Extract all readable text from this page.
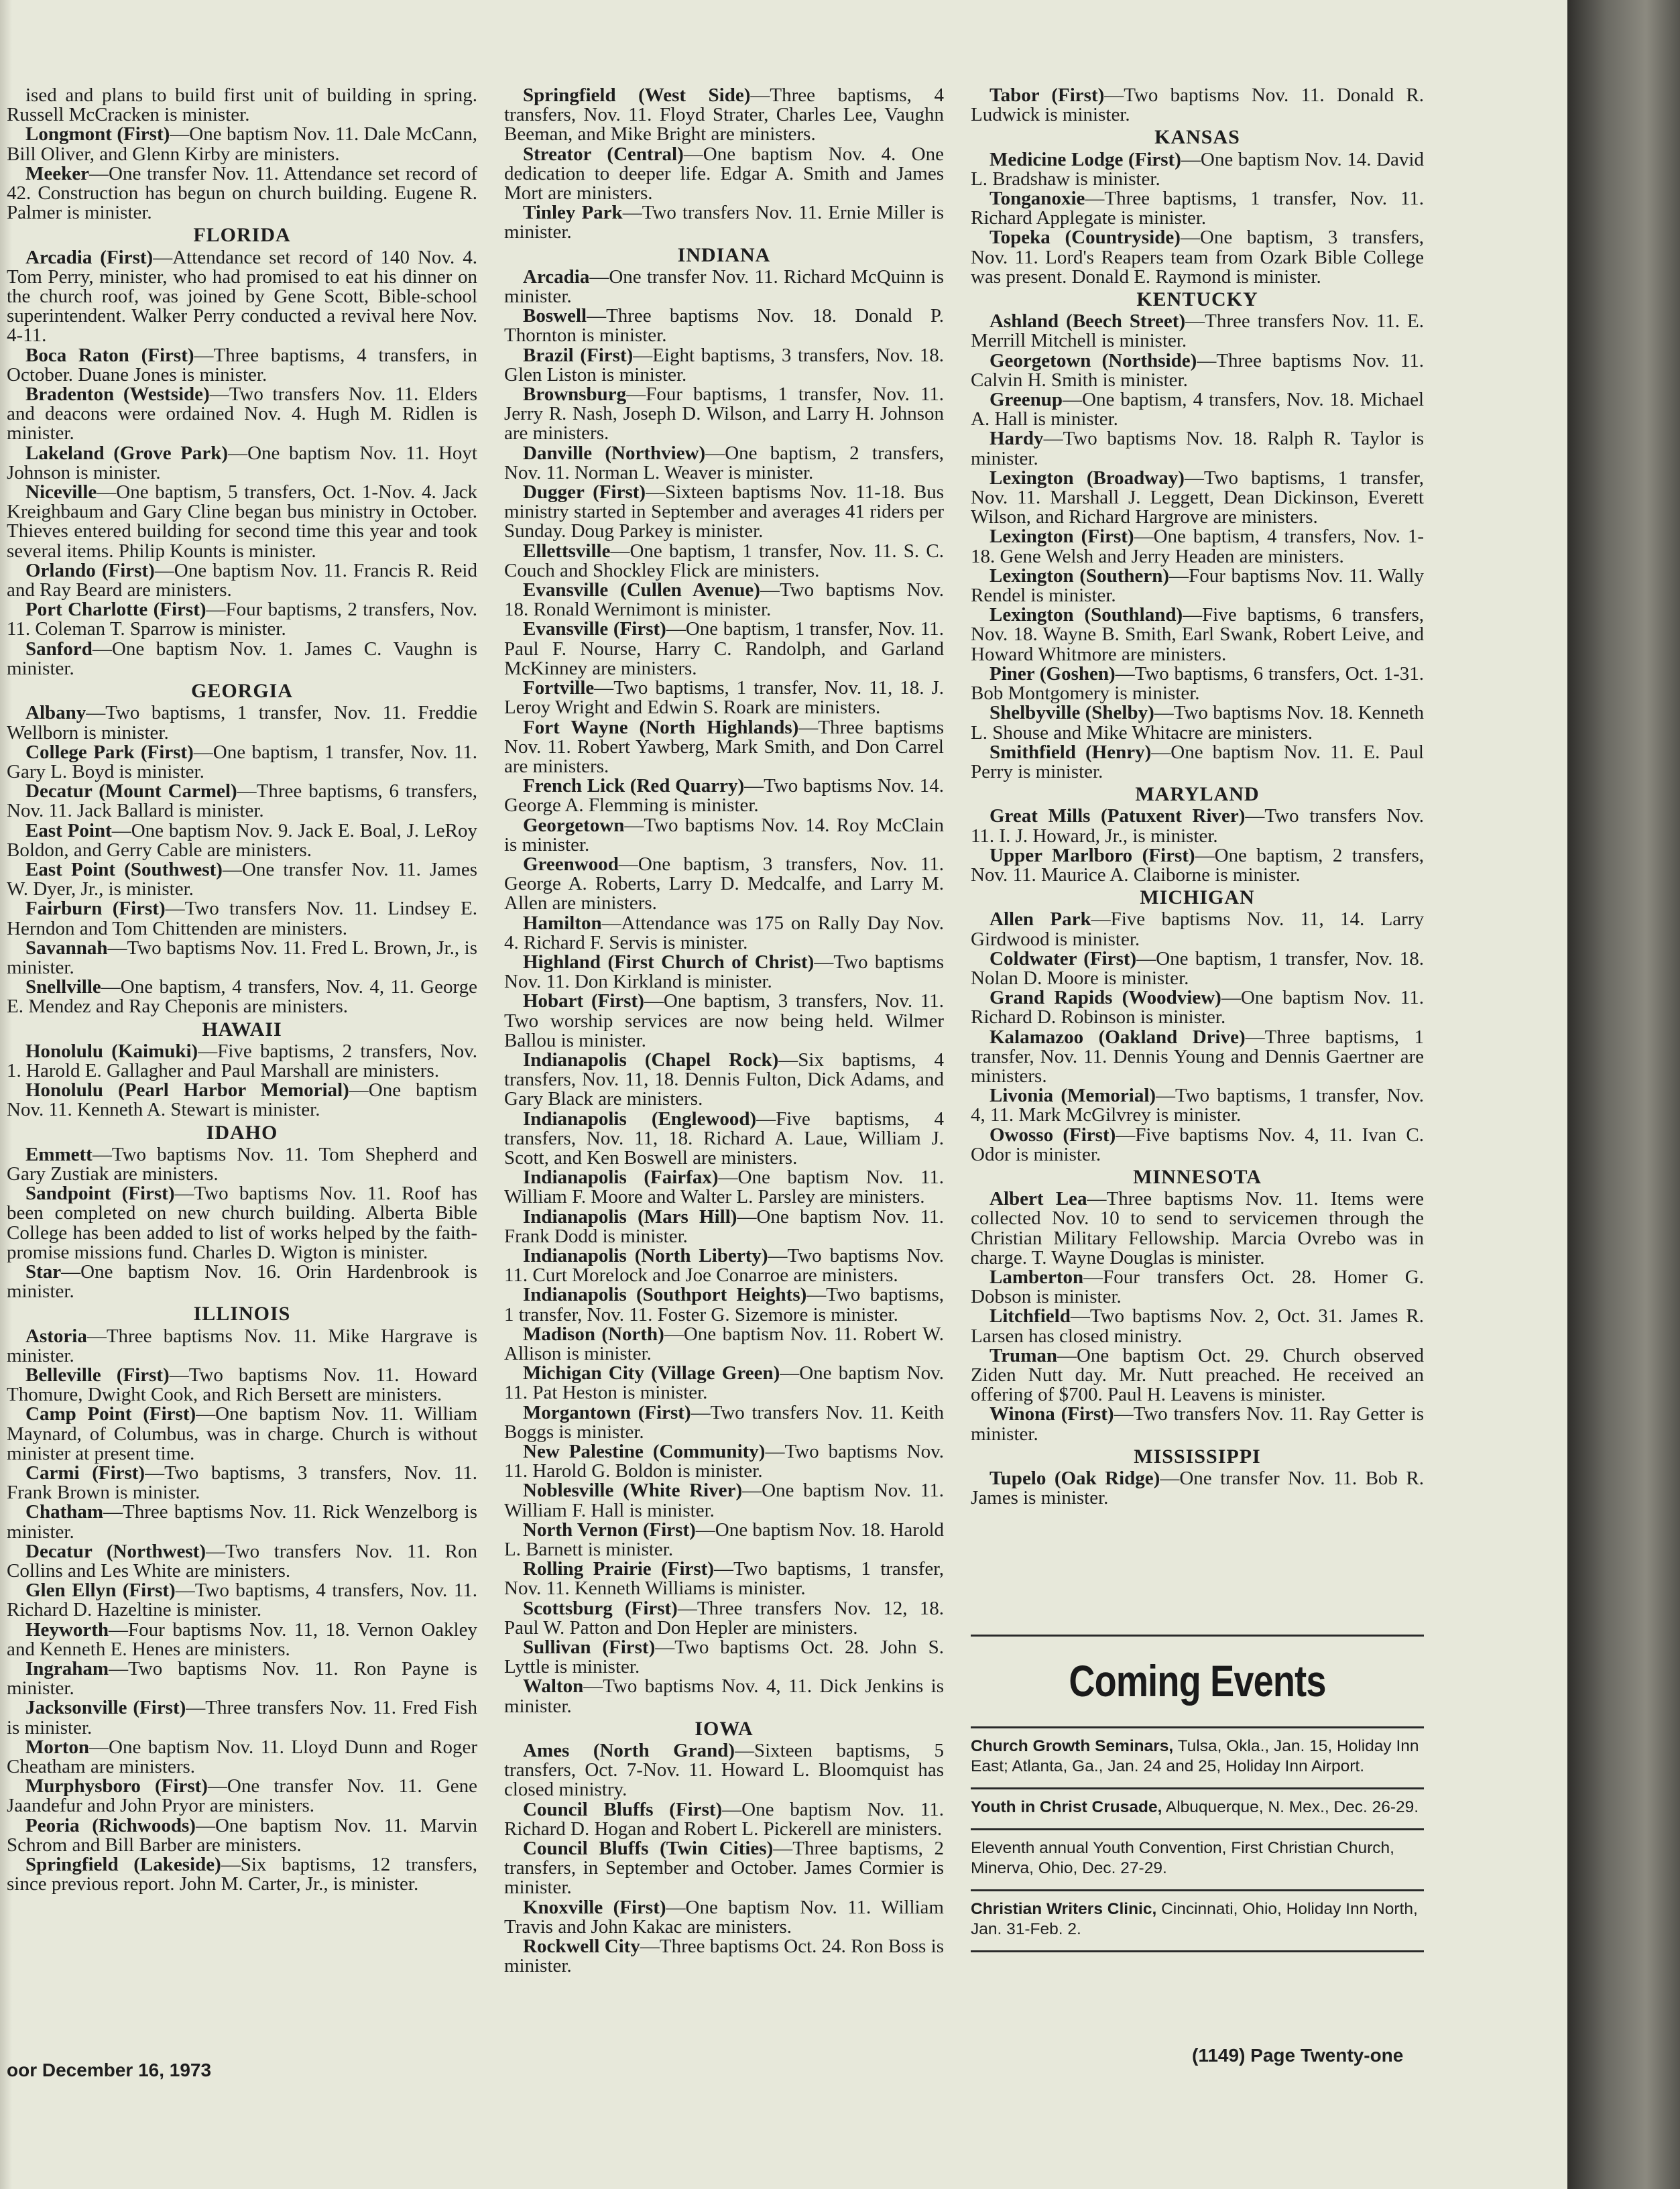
ised and plans to build first unit of building in spring. Russell McCracken is minister.

Longmont (First)—One baptism Nov. 11. Dale McCann, Bill Oliver, and Glenn Kirby are ministers.

Meeker—One transfer Nov. 11. Attendance set record of 42. Construction has begun on church building. Eugene R. Palmer is minister.

FLORIDA

Arcadia (First)—Attendance set record of 140 Nov. 4. Tom Perry, minister, who had promised to eat his dinner on the church roof, was joined by Gene Scott, Bible-school superintendent. Walker Perry conducted a revival here Nov. 4-11.

Boca Raton (First)—Three baptisms, 4 transfers, in October. Duane Jones is minister.

Bradenton (Westside)—Two transfers Nov. 11. Elders and deacons were ordained Nov. 4. Hugh M. Ridlen is minister.

Lakeland (Grove Park)—One baptism Nov. 11. Hoyt Johnson is minister.

Niceville—One baptism, 5 transfers, Oct. 1-Nov. 4. Jack Kreighbaum and Gary Cline began bus ministry in October. Thieves entered building for second time this year and took several items. Philip Kounts is minister.

Orlando (First)—One baptism Nov. 11. Francis R. Reid and Ray Beard are ministers.

Port Charlotte (First)—Four baptisms, 2 transfers, Nov. 11. Coleman T. Sparrow is minister.

Sanford—One baptism Nov. 1. James C. Vaughn is minister.

GEORGIA

Albany—Two baptisms, 1 transfer, Nov. 11. Freddie Wellborn is minister.

College Park (First)—One baptism, 1 transfer, Nov. 11. Gary L. Boyd is minister.

Decatur (Mount Carmel)—Three baptisms, 6 transfers, Nov. 11. Jack Ballard is minister.

East Point—One baptism Nov. 9. Jack E. Boal, J. LeRoy Boldon, and Gerry Cable are ministers.

East Point (Southwest)—One transfer Nov. 11. James W. Dyer, Jr., is minister.

Fairburn (First)—Two transfers Nov. 11. Lindsey E. Herndon and Tom Chittenden are ministers.

Savannah—Two baptisms Nov. 11. Fred L. Brown, Jr., is minister.

Snellville—One baptism, 4 transfers, Nov. 4, 11. George E. Mendez and Ray Cheponis are ministers.

HAWAII

Honolulu (Kaimuki)—Five baptisms, 2 transfers, Nov. 1. Harold E. Gallagher and Paul Marshall are ministers.

Honolulu (Pearl Harbor Memorial)—One baptism Nov. 11. Kenneth A. Stewart is minister.

IDAHO

Emmett—Two baptisms Nov. 11. Tom Shepherd and Gary Zustiak are ministers.

Sandpoint (First)—Two baptisms Nov. 11. Roof has been completed on new church building. Alberta Bible College has been added to list of works helped by the faith-promise missions fund. Charles D. Wigton is minister.

Star—One baptism Nov. 16. Orin Hardenbrook is minister.

ILLINOIS

Astoria—Three baptisms Nov. 11. Mike Hargrave is minister.

Belleville (First)—Two baptisms Nov. 11. Howard Thomure, Dwight Cook, and Rich Bersett are ministers.

Camp Point (First)—One baptism Nov. 11. William Maynard, of Columbus, was in charge. Church is without minister at present time.

Carmi (First)—Two baptisms, 3 transfers, Nov. 11. Frank Brown is minister.

Chatham—Three baptisms Nov. 11. Rick Wenzelborg is minister.

Decatur (Northwest)—Two transfers Nov. 11. Ron Collins and Les White are ministers.

Glen Ellyn (First)—Two baptisms, 4 transfers, Nov. 11. Richard D. Hazeltine is minister.

Heyworth—Four baptisms Nov. 11, 18. Vernon Oakley and Kenneth E. Henes are ministers.

Ingraham—Two baptisms Nov. 11. Ron Payne is minister.

Jacksonville (First)—Three transfers Nov. 11. Fred Fish is minister.

Morton—One baptism Nov. 11. Lloyd Dunn and Roger Cheatham are ministers.

Murphysboro (First)—One transfer Nov. 11. Gene Jaandefur and John Pryor are ministers.

Peoria (Richwoods)—One baptism Nov. 11. Marvin Schrom and Bill Barber are ministers.

Springfield (Lakeside)—Six baptisms, 12 transfers, since previous report. John M. Carter, Jr., is minister.

Springfield (West Side)—Three baptisms, 4 transfers, Nov. 11. Floyd Strater, Charles Lee, Vaughn Beeman, and Mike Bright are ministers.

Streator (Central)—One baptism Nov. 4. One dedication to deeper life. Edgar A. Smith and James Mort are ministers.

Tinley Park—Two transfers Nov. 11. Ernie Miller is minister.

INDIANA

Arcadia—One transfer Nov. 11. Richard McQuinn is minister.

Boswell—Three baptisms Nov. 18. Donald P. Thornton is minister.

Brazil (First)—Eight baptisms, 3 transfers, Nov. 18. Glen Liston is minister.

Brownsburg—Four baptisms, 1 transfer, Nov. 11. Jerry R. Nash, Joseph D. Wilson, and Larry H. Johnson are ministers.

Danville (Northview)—One baptism, 2 transfers, Nov. 11. Norman L. Weaver is minister.

Dugger (First)—Sixteen baptisms Nov. 11-18. Bus ministry started in September and averages 41 riders per Sunday. Doug Parkey is minister.

Ellettsville—One baptism, 1 transfer, Nov. 11. S. C. Couch and Shockley Flick are ministers.

Evansville (Cullen Avenue)—Two baptisms Nov. 18. Ronald Wernimont is minister.

Evansville (First)—One baptism, 1 transfer, Nov. 11. Paul F. Nourse, Harry C. Randolph, and Garland McKinney are ministers.

Fortville—Two baptisms, 1 transfer, Nov. 11, 18. J. Leroy Wright and Edwin S. Roark are ministers.

Fort Wayne (North Highlands)—Three baptisms Nov. 11. Robert Yawberg, Mark Smith, and Don Carrel are ministers.

French Lick (Red Quarry)—Two baptisms Nov. 14. George A. Flemming is minister.

Georgetown—Two baptisms Nov. 14. Roy McClain is minister.

Greenwood—One baptism, 3 transfers, Nov. 11. George A. Roberts, Larry D. Medcalfe, and Larry M. Allen are ministers.

Hamilton—Attendance was 175 on Rally Day Nov. 4. Richard F. Servis is minister.

Highland (First Church of Christ)—Two baptisms Nov. 11. Don Kirkland is minister.

Hobart (First)—One baptism, 3 transfers, Nov. 11. Two worship services are now being held. Wilmer Ballou is minister.

Indianapolis (Chapel Rock)—Six baptisms, 4 transfers, Nov. 11, 18. Dennis Fulton, Dick Adams, and Gary Black are ministers.

Indianapolis (Englewood)—Five baptisms, 4 transfers, Nov. 11, 18. Richard A. Laue, William J. Scott, and Ken Boswell are ministers.

Indianapolis (Fairfax)—One baptism Nov. 11. William F. Moore and Walter L. Parsley are ministers.

Indianapolis (Mars Hill)—One baptism Nov. 11. Frank Dodd is minister.

Indianapolis (North Liberty)—Two baptisms Nov. 11. Curt Morelock and Joe Conarroe are ministers.

Indianapolis (Southport Heights)—Two baptisms, 1 transfer, Nov. 11. Foster G. Sizemore is minister.

Madison (North)—One baptism Nov. 11. Robert W. Allison is minister.

Michigan City (Village Green)—One baptism Nov. 11. Pat Heston is minister.

Morgantown (First)—Two transfers Nov. 11. Keith Boggs is minister.

New Palestine (Community)—Two baptisms Nov. 11. Harold G. Boldon is minister.

Noblesville (White River)—One baptism Nov. 11. William F. Hall is minister.

North Vernon (First)—One baptism Nov. 18. Harold L. Barnett is minister.

Rolling Prairie (First)—Two baptisms, 1 transfer, Nov. 11. Kenneth Williams is minister.

Scottsburg (First)—Three transfers Nov. 12, 18. Paul W. Patton and Don Hepler are ministers.

Sullivan (First)—Two baptisms Oct. 28. John S. Lyttle is minister.

Walton—Two baptisms Nov. 4, 11. Dick Jenkins is minister.

IOWA

Ames (North Grand)—Sixteen baptisms, 5 transfers, Oct. 7-Nov. 11. Howard L. Bloomquist has closed ministry.

Council Bluffs (First)—One baptism Nov. 11. Richard D. Hogan and Robert L. Pickerell are ministers.

Council Bluffs (Twin Cities)—Three baptisms, 2 transfers, in September and October. James Cormier is minister.

Knoxville (First)—One baptism Nov. 11. William Travis and John Kakac are ministers.

Rockwell City—Three baptisms Oct. 24. Ron Boss is minister.

Tabor (First)—Two baptisms Nov. 11. Donald R. Ludwick is minister.

KANSAS

Medicine Lodge (First)—One baptism Nov. 14. David L. Bradshaw is minister.

Tonganoxie—Three baptisms, 1 transfer, Nov. 11. Richard Applegate is minister.

Topeka (Countryside)—One baptism, 3 transfers, Nov. 11. Lord's Reapers team from Ozark Bible College was present. Donald E. Raymond is minister.

KENTUCKY

Ashland (Beech Street)—Three transfers Nov. 11. E. Merrill Mitchell is minister.

Georgetown (Northside)—Three baptisms Nov. 11. Calvin H. Smith is minister.

Greenup—One baptism, 4 transfers, Nov. 18. Michael A. Hall is minister.

Hardy—Two baptisms Nov. 18. Ralph R. Taylor is minister.

Lexington (Broadway)—Two baptisms, 1 transfer, Nov. 11. Marshall J. Leggett, Dean Dickinson, Everett Wilson, and Richard Hargrove are ministers.

Lexington (First)—One baptism, 4 transfers, Nov. 1-18. Gene Welsh and Jerry Headen are ministers.

Lexington (Southern)—Four baptisms Nov. 11. Wally Rendel is minister.

Lexington (Southland)—Five baptisms, 6 transfers, Nov. 18. Wayne B. Smith, Earl Swank, Robert Leive, and Howard Whitmore are ministers.

Piner (Goshen)—Two baptisms, 6 transfers, Oct. 1-31. Bob Montgomery is minister.

Shelbyville (Shelby)—Two baptisms Nov. 18. Kenneth L. Shouse and Mike Whitacre are ministers.

Smithfield (Henry)—One baptism Nov. 11. E. Paul Perry is minister.

MARYLAND

Great Mills (Patuxent River)—Two transfers Nov. 11. I. J. Howard, Jr., is minister.

Upper Marlboro (First)—One baptism, 2 transfers, Nov. 11. Maurice A. Claiborne is minister.

MICHIGAN

Allen Park—Five baptisms Nov. 11, 14. Larry Girdwood is minister.

Coldwater (First)—One baptism, 1 transfer, Nov. 18. Nolan D. Moore is minister.

Grand Rapids (Woodview)—One baptism Nov. 11. Richard D. Robinson is minister.

Kalamazoo (Oakland Drive)—Three baptisms, 1 transfer, Nov. 11. Dennis Young and Dennis Gaertner are ministers.

Livonia (Memorial)—Two baptisms, 1 transfer, Nov. 4, 11. Mark McGilvrey is minister.

Owosso (First)—Five baptisms Nov. 4, 11. Ivan C. Odor is minister.

MINNESOTA

Albert Lea—Three baptisms Nov. 11. Items were collected Nov. 10 to send to servicemen through the Christian Military Fellowship. Marcia Ovrebo was in charge. T. Wayne Douglas is minister.

Lamberton—Four transfers Oct. 28. Homer G. Dobson is minister.

Litchfield—Two baptisms Nov. 2, Oct. 31. James R. Larsen has closed ministry.

Truman—One baptism Oct. 29. Church observed Ziden Nutt day. Mr. Nutt preached. He received an offering of $700. Paul H. Leavens is minister.

Winona (First)—Two transfers Nov. 11. Ray Getter is minister.

MISSISSIPPI

Tupelo (Oak Ridge)—One transfer Nov. 11. Bob R. James is minister.

Coming Events
Church Growth Seminars, Tulsa, Okla., Jan. 15, Holiday Inn East; Atlanta, Ga., Jan. 24 and 25, Holiday Inn Airport.
Youth in Christ Crusade, Albuquerque, N. Mex., Dec. 26-29.
Eleventh annual Youth Convention, First Christian Church, Minerva, Ohio, Dec. 27-29.
Christian Writers Clinic, Cincinnati, Ohio, Holiday Inn North, Jan. 31-Feb. 2.
oor December 16, 1973
(1149) Page Twenty-one
